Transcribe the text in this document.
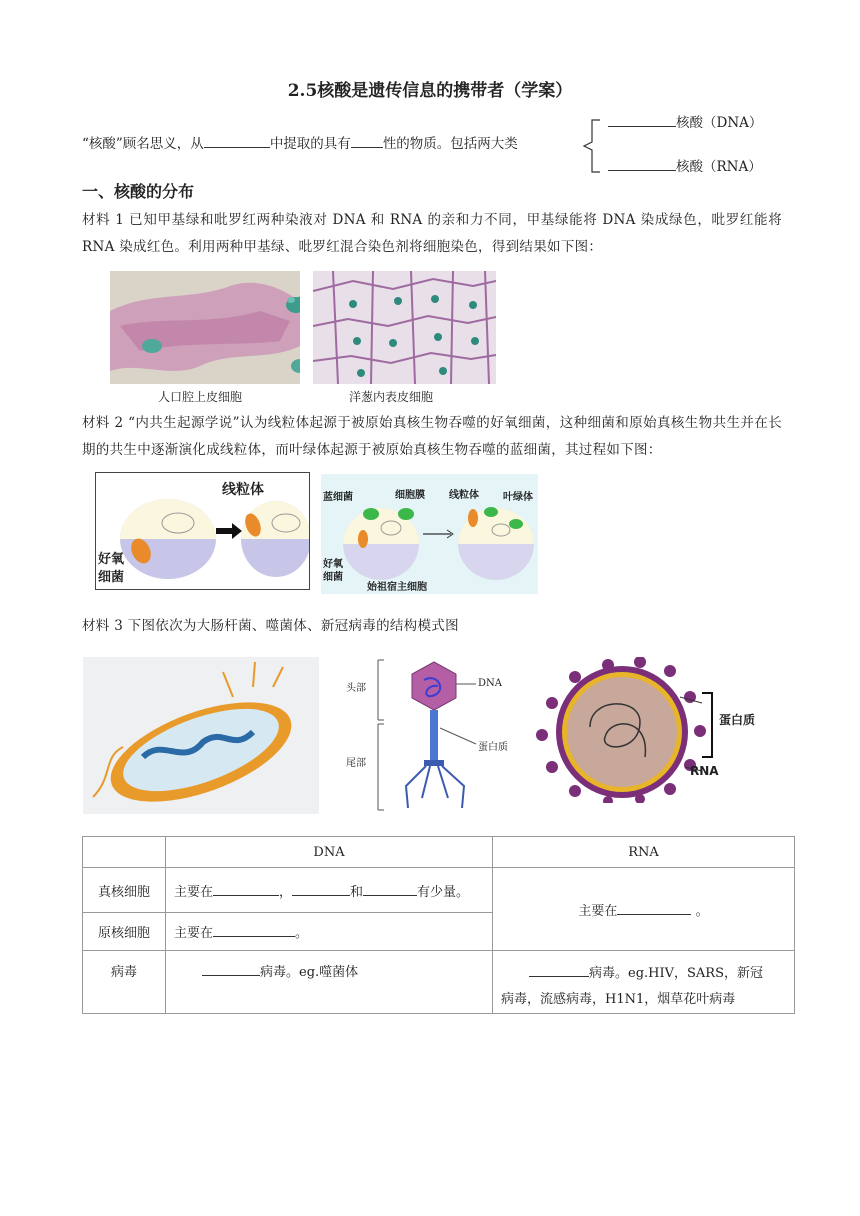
2.5核酸是遗传信息的携带者（学案）
“核酸”顾名思义，从	中提取的具有 性的物质。包括两大类
核酸（DNA）
核酸（RNA）
一、核酸的分布
材料 1 已知甲基绿和吡罗红两种染液对 DNA 和 RNA 的亲和力不同，甲基绿能将 DNA 染成绿色，吡罗红能将 RNA 染成红色。利用两种甲基绿、吡罗红混合染色剂将细胞染色，得到结果如下图：
人口腔上皮细胞	洋葱内表皮细胞
材料 2 “内共生起源学说”认为线粒体起源于被原始真核生物吞噬的好氧细菌，这种细菌和原始真核生物共生并在长期的共生中逐渐演化成线粒体，而叶绿体起源于被原始真核生物吞噬的蓝细菌，其过程如下图：
线粒体
好氧
细菌
蓝细菌	细胞膜 线粒体 叶绿体
好氧
细菌
始祖宿主细胞
材料 3 下图依次为大肠杆菌、噬菌体、新冠病毒的结构模式图
头部
尾部
DNA
蛋白质
蛋白质
RNA
	DNA	RNA
真核细胞	主要在 ， 和 有少量。	主要在 。
原核细胞	主要在 。	
病毒	病毒。eg.噬菌体	病毒。eg.HIV，SARS，新冠
病毒，流感病毒，H1N1，烟草花叶病毒
